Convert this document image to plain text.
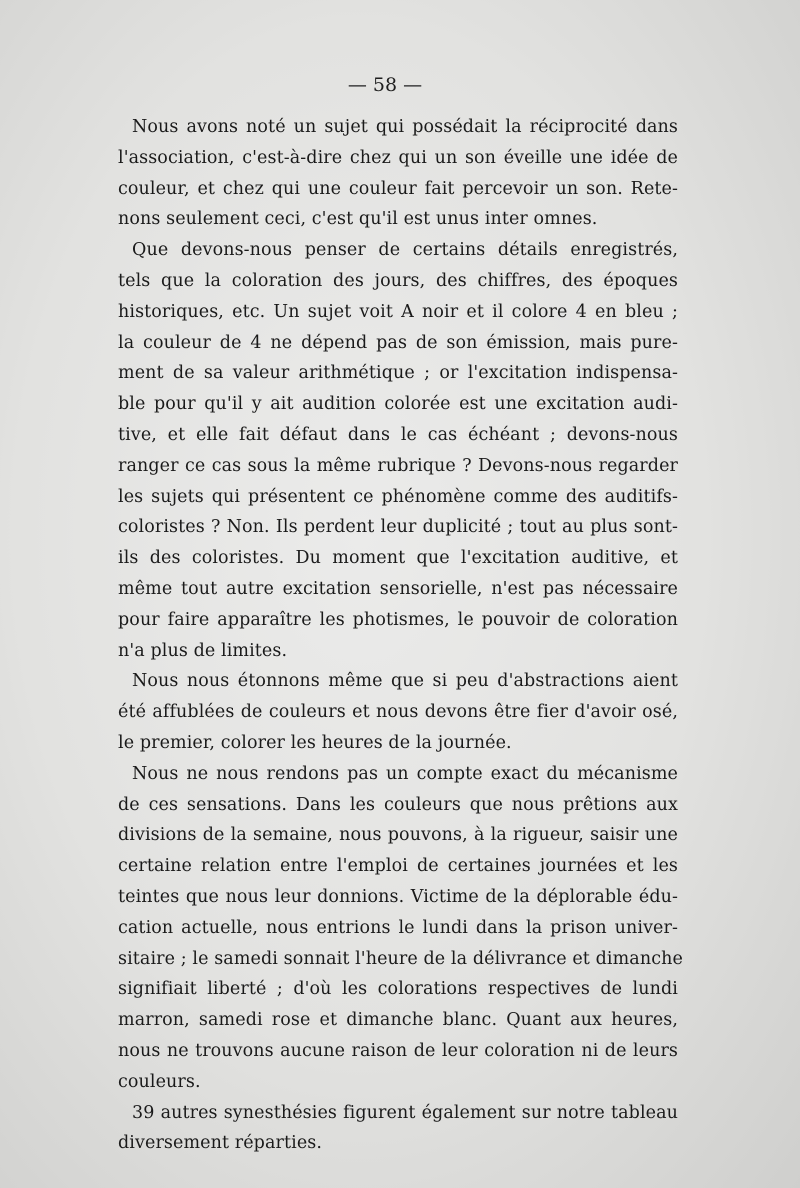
— 58 —
Nous avons noté un sujet qui possédait la réciprocité dans
l'association, c'est-à-dire chez qui un son éveille une idée de
couleur, et chez qui une couleur fait percevoir un son. Rete-
nons seulement ceci, c'est qu'il est unus inter omnes.
Que devons-nous penser de certains détails enregistrés,
tels que la coloration des jours, des chiffres, des époques
historiques, etc. Un sujet voit A noir et il colore 4 en bleu ;
la couleur de 4 ne dépend pas de son émission, mais pure-
ment de sa valeur arithmétique ; or l'excitation indispensa-
ble pour qu'il y ait audition colorée est une excitation audi-
tive, et elle fait défaut dans le cas échéant ; devons-nous
ranger ce cas sous la même rubrique ? Devons-nous regarder
les sujets qui présentent ce phénomène comme des auditifs-
coloristes ? Non. Ils perdent leur duplicité ; tout au plus sont-
ils des coloristes. Du moment que l'excitation auditive, et
même tout autre excitation sensorielle, n'est pas nécessaire
pour faire apparaître les photismes, le pouvoir de coloration
n'a plus de limites.
Nous nous étonnons même que si peu d'abstractions aient
été affublées de couleurs et nous devons être fier d'avoir osé,
le premier, colorer les heures de la journée.
Nous ne nous rendons pas un compte exact du mécanisme
de ces sensations. Dans les couleurs que nous prêtions aux
divisions de la semaine, nous pouvons, à la rigueur, saisir une
certaine relation entre l'emploi de certaines journées et les
teintes que nous leur donnions. Victime de la déplorable édu-
cation actuelle, nous entrions le lundi dans la prison univer-
sitaire ; le samedi sonnait l'heure de la délivrance et dimanche
signifiait liberté ; d'où les colorations respectives de lundi
marron, samedi rose et dimanche blanc. Quant aux heures,
nous ne trouvons aucune raison de leur coloration ni de leurs
couleurs.
39 autres synesthésies figurent également sur notre tableau
diversement réparties.
